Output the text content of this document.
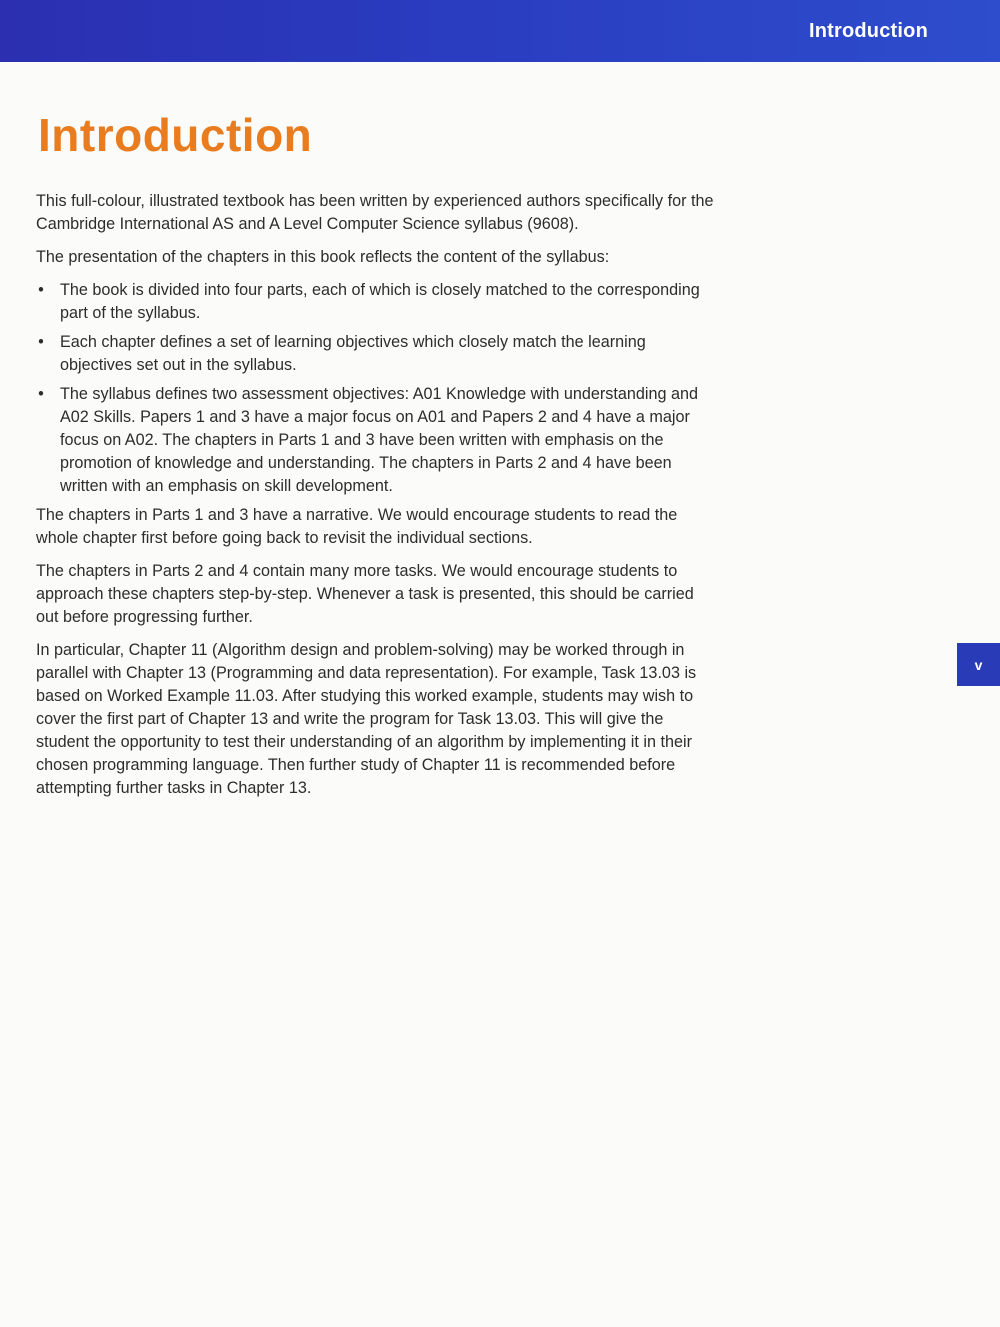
Introduction
Introduction

This full-colour, illustrated textbook has been written by experienced authors specifically for the Cambridge International AS and A Level Computer Science syllabus (9608).

The presentation of the chapters in this book reflects the content of the syllabus:

• The book is divided into four parts, each of which is closely matched to the corresponding part of the syllabus.
• Each chapter defines a set of learning objectives which closely match the learning objectives set out in the syllabus.
• The syllabus defines two assessment objectives: A01 Knowledge with understanding and A02 Skills. Papers 1 and 3 have a major focus on A01 and Papers 2 and 4 have a major focus on A02. The chapters in Parts 1 and 3 have been written with emphasis on the promotion of knowledge and understanding. The chapters in Parts 2 and 4 have been written with an emphasis on skill development.

The chapters in Parts 1 and 3 have a narrative. We would encourage students to read the whole chapter first before going back to revisit the individual sections.

The chapters in Parts 2 and 4 contain many more tasks. We would encourage students to approach these chapters step-by-step. Whenever a task is presented, this should be carried out before progressing further.

In particular, Chapter 11 (Algorithm design and problem-solving) may be worked through in parallel with Chapter 13 (Programming and data representation). For example, Task 13.03 is based on Worked Example 11.03. After studying this worked example, students may wish to cover the first part of Chapter 13 and write the program for Task 13.03. This will give the student the opportunity to test their understanding of an algorithm by implementing it in their chosen programming language. Then further study of Chapter 11 is recommended before attempting further tasks in Chapter 13.

v
